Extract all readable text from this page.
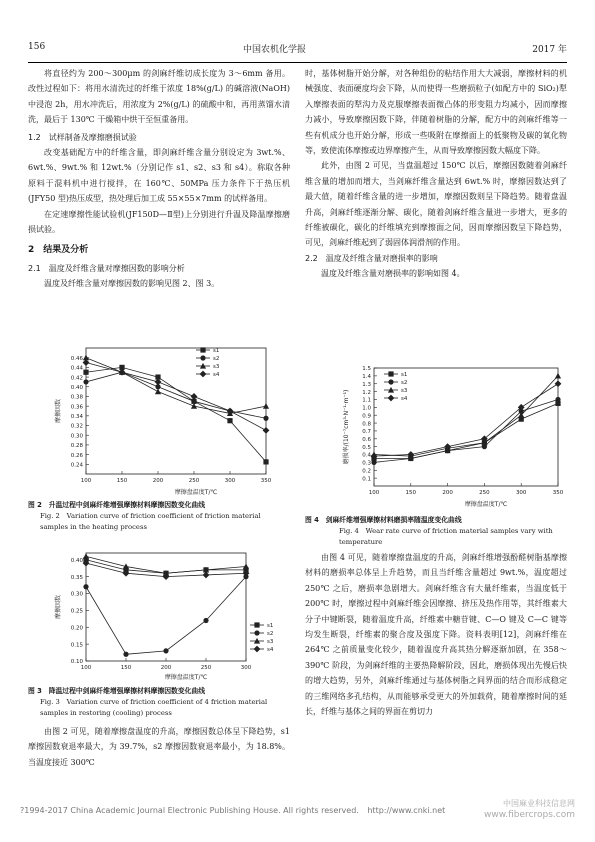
156	中国农机化学报	2017 年

将直径约为 200～300μm 的剑麻纤维切成长度为 3～6mm 备用。改性过程如下：将用水清洗过的纤维于浓度 18%(g/L) 的碱溶液(NaOH)中浸泡 2h，用水冲洗后，用浓度为 2%(g/L) 的硫酸中和，再用蒸馏水清洗，最后于 130℃ 干燥箱中烘干至恒重备用。

1.2　试样制备及摩擦磨损试验

改变基础配方中的纤维含量，即剑麻纤维含量分别设定为 3wt.%、6wt.%、9wt.% 和 12wt.%（分别记作 s1、s2、s3 和 s4）。称取各种原料于混料机中进行搅拌，在 160℃、50MPa 压力条件下于热压机(JFY50 型)热压成型，热处理后加工成 55×55×7mm 的试样备用。

在定速摩擦性能试验机(JF150D—Ⅱ型)上分别进行升温及降温摩擦磨损试验。

2　结果及分析
2.1　温度及纤维含量对摩擦因数的影响分析

温度及纤维含量对摩擦因数的影响见图 2、图 3。

0.24
0.26
0.28
0.30
0.32
0.34
0.36
0.38
0.40
0.42
0.44
0.46
100	150	200	250	300	350
摩擦盘温度T/℃
摩擦因数
s1
s2
s3
s4
图 2　升温过程中剑麻纤维增强摩擦材料摩擦因数变化曲线
Fig. 2　Variation curve of friction coefficient of friction material samples in the heating process
0.10
0.15
0.20
0.25
0.30
0.35
0.40
100	150	200	250	300
摩擦盘温度T/℃
摩擦因数
s1
s2
s3
s4
图 3　降温过程中剑麻纤维增强摩擦材料摩擦因数变化曲线
Fig. 3　Variation curve of friction coefficient of 4 friction material samples in restoring (cooling) process

由图 2 可见，随着摩擦盘温度的升高，摩擦因数总体呈下降趋势，s1 摩擦因数衰退率最大，为 39.7%，s2 摩擦因数衰退率最小，为 18.8%。当温度接近 300℃

时，基体树脂开始分解，对各种组份的粘结作用大大减弱，摩擦材料的机械强度、表面硬度均会下降，从而使得一些磨损粒子(如配方中的 SiO₂)犁入摩擦表面的犁沟力及克服摩擦表面微凸体的形变阻力均减小，因而摩擦力减小，导致摩擦因数下降，伴随着树脂的分解，配方中的剑麻纤维等一些有机成分也开始分解，形成一些吸附在摩擦面上的低聚物及碳的氧化物等，致使流体摩擦或边界摩擦产生，从而导致摩擦因数大幅度下降。

此外，由图 2 可见，当盘温超过 150℃ 以后，摩擦因数随着剑麻纤维含量的增加而增大，当剑麻纤维含量达到 6wt.% 时，摩擦因数达到了最大值，随着纤维含量的进一步增加，摩擦因数则呈下降趋势。随着盘温升高，剑麻纤维逐渐分解、碳化，随着剑麻纤维含量进一步增大，更多的纤维被碳化，碳化的纤维填充到摩擦面之间，因而摩擦因数呈下降趋势，可见，剑麻纤维起到了弱固体润滑剂的作用。

2.2　温度及纤维含量对磨损率的影响

温度及纤维含量对磨损率的影响如图 4。

0.1
0.2
0.3
0.4
0.5
0.6
0.7
0.8
0.9
1.0
1.1
1.2
1.3
1.4
1.5
100	150	200	250	300	350
摩擦盘温度T/℃
磨损率/(10⁻⁷cm³·N⁻¹·m⁻¹)
s1
s2
s3
s4
图 4　剑麻纤维增强摩擦材料磨损率随温度变化曲线
Fig. 4　Wear rate curve of friction material samples vary with temperature

由图 4 可见，随着摩擦盘温度的升高，剑麻纤维增强酚醛树脂基摩擦材料的磨损率总体呈上升趋势，而且当纤维含量超过 9wt.%，温度超过 250℃ 之后，磨损率急剧增大。剑麻纤维含有大量纤维素，当温度低于 200℃ 时，摩擦过程中剑麻纤维会因摩擦、挤压及热作用等，其纤维素大分子中键断裂，随着温度升高，纤维素中糖苷键、C—O 键及 C—C 键等均发生断裂，纤维素的聚合度及强度下降。资料表明[12]，剑麻纤维在 264℃ 之前质量变化较少，随着温度升高其热分解逐渐加剧，在 358～390℃ 阶段，为剑麻纤维的主要热降解阶段，因此，磨损体现出先慢后快的增大趋势，另外，剑麻纤维通过与基体树脂之间界面的结合而形成稳定的三维网络多孔结构，从而能够承受更大的外加载荷，随着摩擦时间的延长，纤维与基体之间的界面在剪切力

?1994-2017 China Academic Journal Electronic Publishing House. All rights reserved. http://www.cnki.net
中国麻业科技信息网
www.fibercrops.com
